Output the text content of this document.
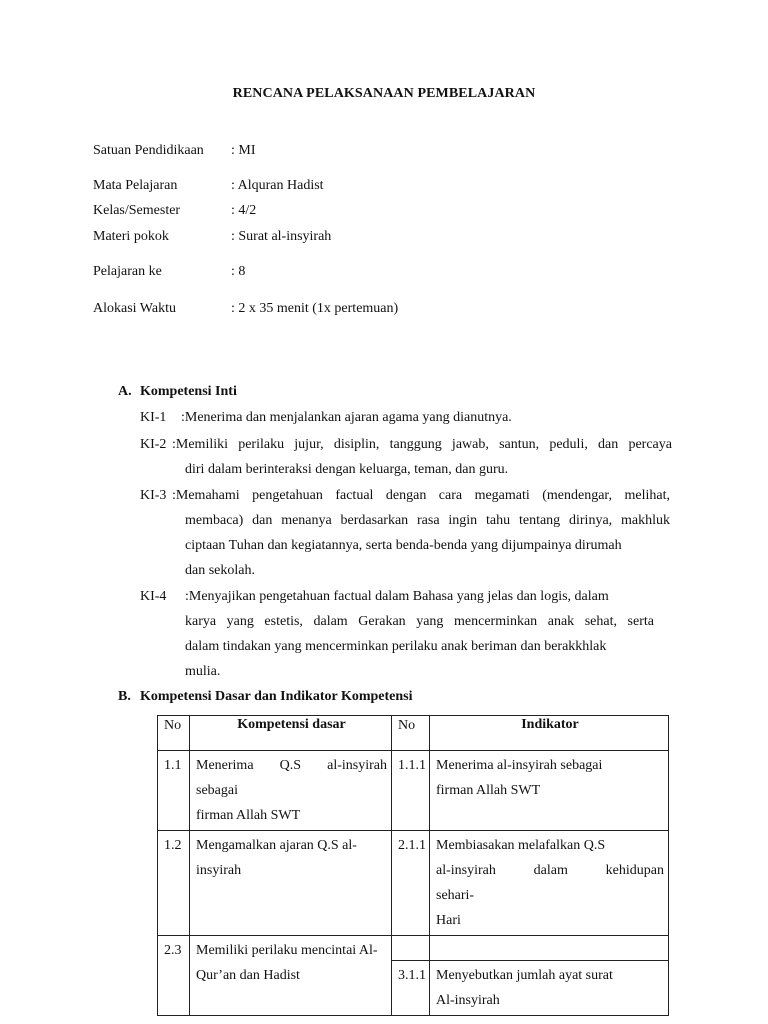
RENCANA PELAKSANAAN PEMBELAJARAN
Satuan Pendidikaan : MI
Mata Pelajaran	: Alquran Hadist
Kelas/Semester	: 4/2
Materi pokok	: Surat al-insyirah
Pelajaran ke	: 8
Alokasi Waktu	: 2 x 35 menit (1x pertemuan)
A. Kompetensi Inti
KI-1 :Menerima dan menjalankan ajaran agama yang dianutnya.
KI-2 :Memiliki perilaku jujur, disiplin, tanggung jawab, santun, peduli, dan percaya
diri dalam berinteraksi dengan keluarga, teman, dan guru.
KI-3 :Memahami pengetahuan factual dengan cara megamati (mendengar, melihat,
membaca) dan menanya berdasarkan rasa ingin tahu tentang dirinya, makhluk
ciptaan Tuhan dan kegiatannya, serta benda-benda yang dijumpainya dirumah
dan sekolah.
KI-4 :Menyajikan pengetahuan factual dalam Bahasa yang jelas dan logis, dalam
karya yang estetis, dalam Gerakan yang mencerminkan anak sehat, serta
dalam tindakan yang mencerminkan perilaku anak beriman dan berakkhlak
mulia.
B. Kompetensi Dasar dan Indikator Kompetensi
No	Kompetensi dasar	No	Indikator
1.1	Menerima Q.S al-insyirah
sebagai
firman Allah SWT	1.1.1	Menerima al-insyirah sebagai
firman Allah SWT

1.2	Mengamalkan ajaran Q.S al-
insyirah	2.1.1	Membiasakan melafalkan Q.S
al-insyirah dalam kehidupan
sehari-
Hari

2.3	Memiliki perilaku mencintai Al-
Qur’an dan Hadist		

		3.1.1	Menyebutkan jumlah ayat surat
Al-insyirah
